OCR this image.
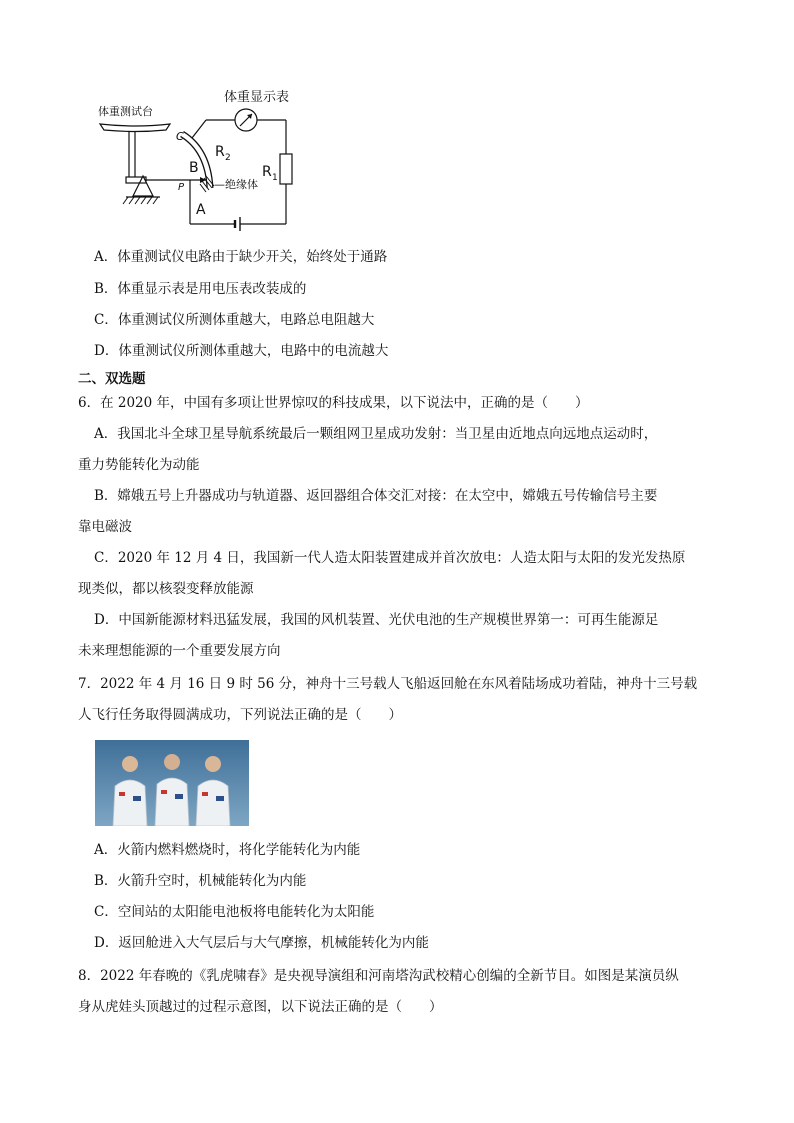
体重显示表
R 1
A
R 2
C
B
—绝缘体
P
体重测试台
A．体重测试仪电路由于缺少开关，始终处于通路
B．体重显示表是用电压表改装成的
C．体重测试仪所测体重越大，电路总电阻越大
D．体重测试仪所测体重越大，电路中的电流越大
二、双选题
6．在 2020 年，中国有多项让世界惊叹的科技成果，以下说法中，正确的是（　　）
A．我国北斗全球卫星导航系统最后一颗组网卫星成功发射：当卫星由近地点向远地点运动时，
重力势能转化为动能
B．嫦娥五号上升器成功与轨道器、返回器组合体交汇对接：在太空中，嫦娥五号传输信号主要
靠电磁波
C．2020 年 12 月 4 日，我国新一代人造太阳装置建成并首次放电：人造太阳与太阳的发光发热原
现类似，都以核裂变释放能源
D．中国新能源材料迅猛发展，我国的风机装置、光伏电池的生产规模世界第一：可再生能源足
未来理想能源的一个重要发展方向
7．2022 年 4 月 16 日 9 时 56 分，神舟十三号载人飞船返回舱在东风着陆场成功着陆，神舟十三号载
人飞行任务取得圆满成功，下列说法正确的是（　　）
A．火箭内燃料燃烧时，将化学能转化为内能
B．火箭升空时，机械能转化为内能
C．空间站的太阳能电池板将电能转化为太阳能
D．返回舱进入大气层后与大气摩擦，机械能转化为内能
8．2022 年春晚的《乳虎啸春》是央视导演组和河南塔沟武校精心创编的全新节目。如图是某演员纵
身从虎娃头顶越过的过程示意图，以下说法正确的是（　　）
